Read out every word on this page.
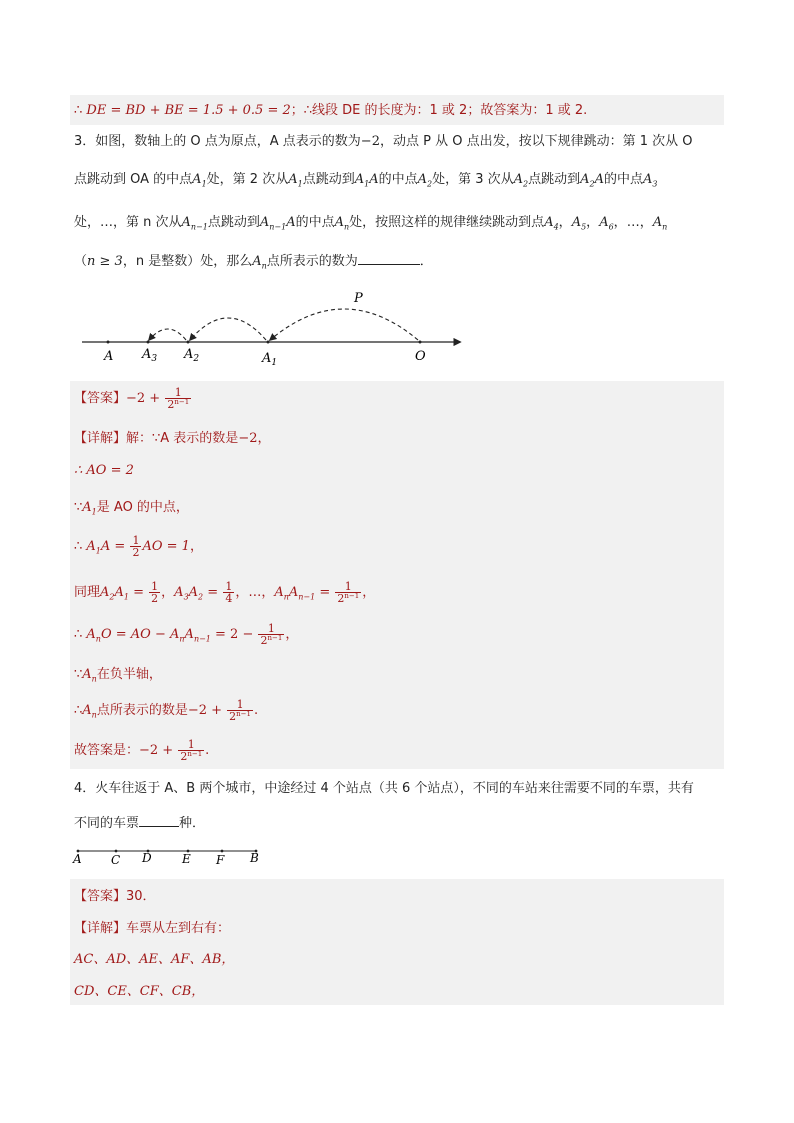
∴ DE = BD + BE = 1.5 + 0.5 = 2；∴线段 DE 的长度为：1 或 2；故答案为：1 或 2.
3．如图，数轴上的 O 点为原点，A 点表示的数为−2，动点 P 从 O 点出发，按以下规律跳动：第 1 次从 O
点跳动到 OA 的中点$A_1$处，第 2 次从$A_1$点跳动到$A_1A$的中点$A_2$处，第 3 次从$A_2$点跳动到$A_2A$的中点$A_3$
处，…，第 n 次从$A_{n-1}$点跳动到$A_{n-1}A$的中点$A_n$处，按照这样的规律继续跳动到点$A_4$，$A_5$，$A_6$，…，$A_n$
（n ≥ 3，n 是整数）处，那么$A_n$点所表示的数为	．
A $A_3$ $A_2$	$A_1$	O
P
【答案】$-2 + \frac{1}{2^{n-1}}$
【详解】解：∵A 表示的数是−2，
∴ AO = 2
$\because A_1$是 AO 的中点，
∴ $A_1A = \frac{1}{2}$ AO = 1，
同理$A_2A_1 = \frac{1}{2}$ ，$A_3A_2 = \frac{1}{4}$ ，…，$A_nA_{n-1} = \frac{1}{2^{n-1}}$ ，
∴ $A_nO$ = AO − $A_nA_{n-1} = 2 - \frac{1}{2^{n-1}}$ ，
$\because A_n$在负半轴，
$\therefore A_n$点所表示的数是$-2 + \frac{1}{2^{n-1}}$ .
故答案是：$-2 + \frac{1}{2^{n-1}}$ .
4．火车往返于 A、B 两个城市，中途经过 4 个站点（共 6 个站点），不同的车站来往需要不同的车票，共有
不同的车票	种．
A C D	E F B
【答案】30．
【详解】车票从左到右有：
AC、AD、AE、AF、AB，
CD、CE、CF、CB，
